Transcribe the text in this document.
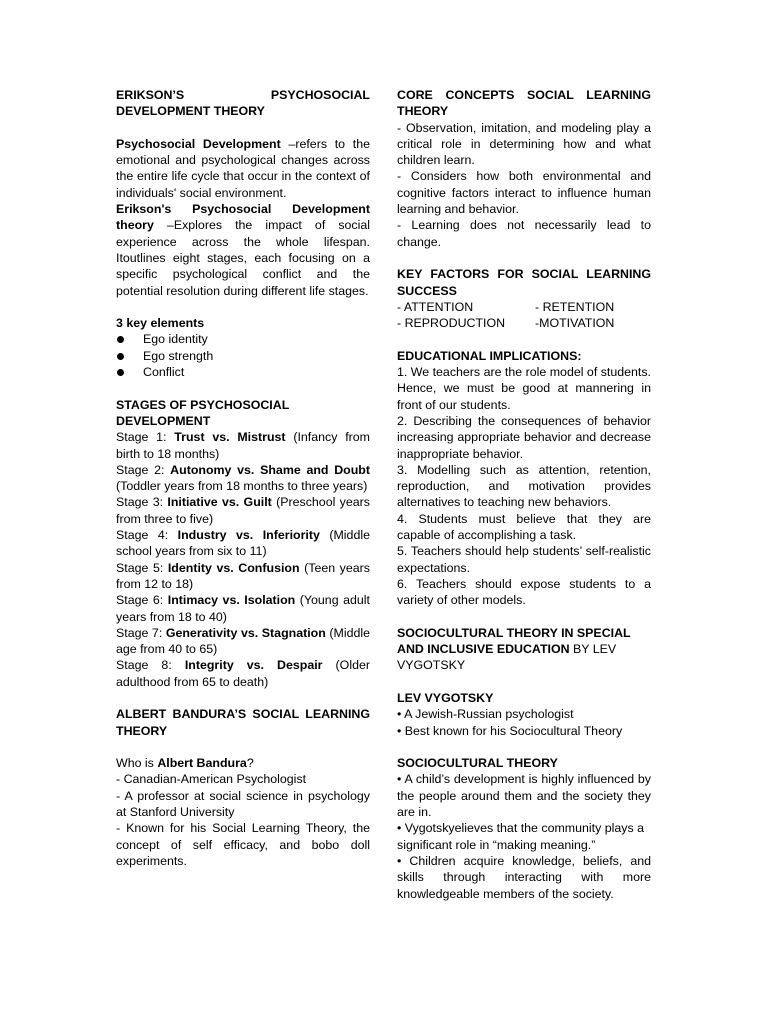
ERIKSON’S PSYCHOSOCIAL DEVELOPMENT THEORY

Psychosocial Development –refers to the emotional and psychological changes across the entire life cycle that occur in the context of individuals' social environment.

Erikson's Psychosocial Development theory –Explores the impact of social experience across the whole lifespan. Itoutlines eight stages, each focusing on a specific psychological conflict and the potential resolution during different life stages.

3 key elements

Ego identity
Ego strength
Conflict

STAGES OF PSYCHOSOCIAL DEVELOPMENT

Stage 1: Trust vs. Mistrust (Infancy from birth to 18 months)

Stage 2: Autonomy vs. Shame and Doubt (Toddler years from 18 months to three years)

Stage 3: Initiative vs. Guilt (Preschool years from three to five)

Stage 4: Industry vs. Inferiority (Middle school years from six to 11)

Stage 5: Identity vs. Confusion (Teen years from 12 to 18)

Stage 6: Intimacy vs. Isolation (Young adult years from 18 to 40)

Stage 7: Generativity vs. Stagnation (Middle age from 40 to 65)

Stage 8: Integrity vs. Despair (Older adulthood from 65 to death)

ALBERT BANDURA’S SOCIAL LEARNING THEORY

Who is Albert Bandura?

- Canadian-American Psychologist

- A professor at social science in psychology at Stanford University

- Known for his Social Learning Theory, the concept of self efficacy, and bobo doll experiments.

CORE CONCEPTS SOCIAL LEARNING THEORY

- Observation, imitation, and modeling play a critical role in determining how and what children learn.

- Considers how both environmental and cognitive factors interact to influence human learning and behavior.

- Learning does not necessarily lead to change.

KEY FACTORS FOR SOCIAL LEARNING SUCCESS

- ATTENTION	- RETENTION
- REPRODUCTION	-MOTIVATION

EDUCATIONAL IMPLICATIONS:

1. We teachers are the role model of students. Hence, we must be good at mannering in front of our students.

2. Describing the consequences of behavior increasing appropriate behavior and decrease inappropriate behavior.

3. Modelling such as attention, retention, reproduction, and motivation provides alternatives to teaching new behaviors.

4. Students must believe that they are capable of accomplishing a task.

5. Teachers should help students’ self-realistic expectations.

6. Teachers should expose students to a variety of other models.

SOCIOCULTURAL THEORY IN SPECIAL AND INCLUSIVE EDUCATION BY LEV VYGOTSKY

LEV VYGOTSKY

• A Jewish-Russian psychologist

• Best known for his Sociocultural Theory

SOCIOCULTURAL THEORY

• A child’s development is highly influenced by the people around them and the society they are in.

• Vygotskyelieves that the community plays a significant role in “making meaning.”

• Children acquire knowledge, beliefs, and skills through interacting with more knowledgeable members of the society.
